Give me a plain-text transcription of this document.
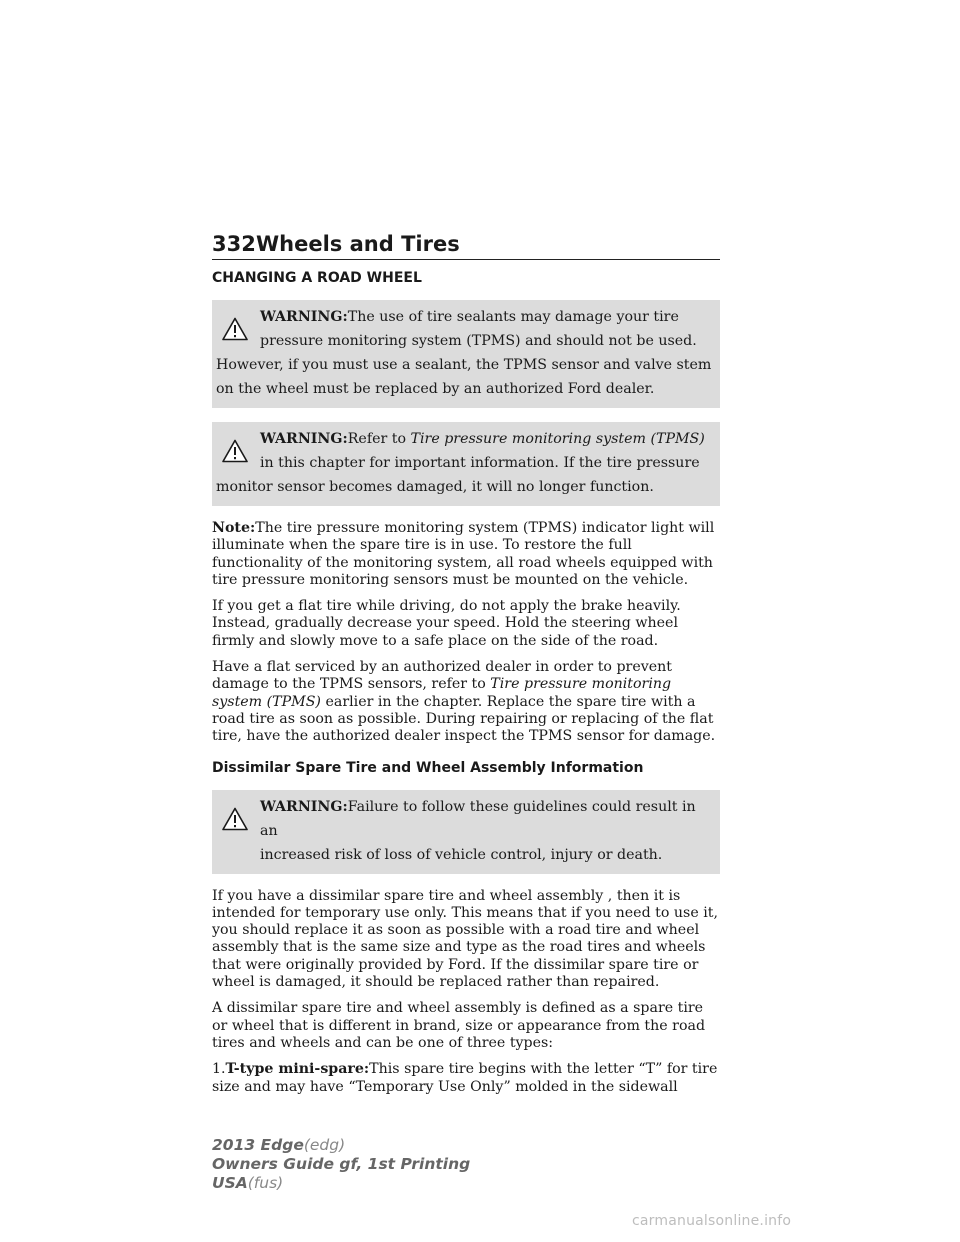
332Wheels and Tires
CHANGING A ROAD WHEEL
WARNING:The use of tire sealants may damage your tire
pressure monitoring system (TPMS) and should not be used.
However, if you must use a sealant, the TPMS sensor and valve stem on the wheel must be replaced by an authorized Ford dealer.
WARNING:Refer to Tire pressure monitoring system (TPMS)
in this chapter for important information. If the tire pressure
monitor sensor becomes damaged, it will no longer function.

Note:The tire pressure monitoring system (TPMS) indicator light will illuminate when the spare tire is in use. To restore the full functionality of the monitoring system, all road wheels equipped with tire pressure monitoring sensors must be mounted on the vehicle.

If you get a flat tire while driving, do not apply the brake heavily. Instead, gradually decrease your speed. Hold the steering wheel firmly and slowly move to a safe place on the side of the road.

Have a flat serviced by an authorized dealer in order to prevent damage to the TPMS sensors, refer to Tire pressure monitoring system (TPMS) earlier in the chapter. Replace the spare tire with a road tire as soon as possible. During repairing or replacing of the flat tire, have the authorized dealer inspect the TPMS sensor for damage.

Dissimilar Spare Tire and Wheel Assembly Information
WARNING:Failure to follow these guidelines could result in an
increased risk of loss of vehicle control, injury or death.

If you have a dissimilar spare tire and wheel assembly , then it is intended for temporary use only. This means that if you need to use it, you should replace it as soon as possible with a road tire and wheel assembly that is the same size and type as the road tires and wheels that were originally provided by Ford. If the dissimilar spare tire or wheel is damaged, it should be replaced rather than repaired.

A dissimilar spare tire and wheel assembly is defined as a spare tire or wheel that is different in brand, size or appearance from the road tires and wheels and can be one of three types:

1.T-type mini-spare:This spare tire begins with the letter “T” for tire size and may have “Temporary Use Only” molded in the sidewall

2013 Edge(edg)
Owners Guide gf, 1st Printing
USA(fus)
carmanualsonline.info
